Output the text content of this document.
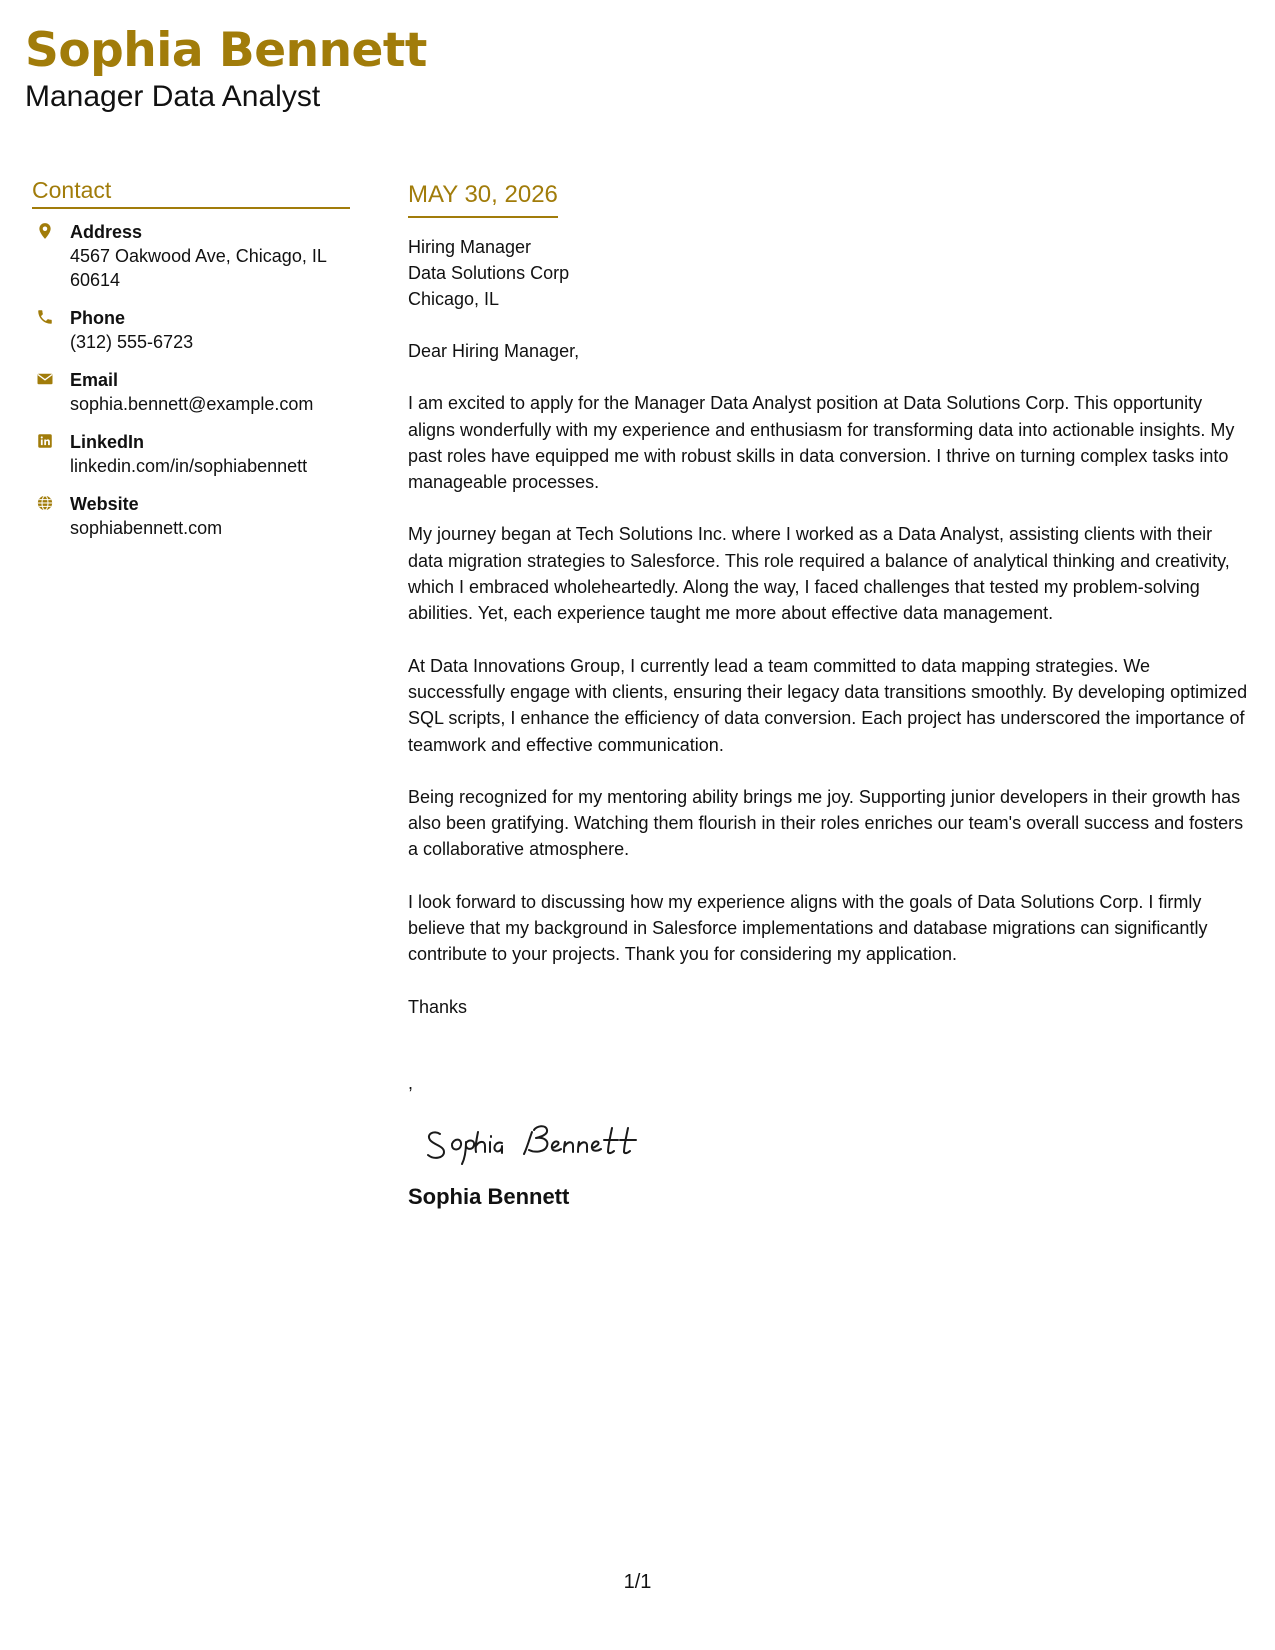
Sophia Bennett
Manager Data Analyst
Contact
Address
4567 Oakwood Ave, Chicago, IL 60614
Phone
(312) 555-6723
Email
sophia.bennett@example.com
LinkedIn
linkedin.com/in/sophiabennett
Website
sophiabennett.com
MAY 30, 2026
Hiring Manager
Data Solutions Corp
Chicago, IL

Dear Hiring Manager,

I am excited to apply for the Manager Data Analyst position at Data Solutions Corp. This opportunity aligns wonderfully with my experience and enthusiasm for transforming data into actionable insights. My past roles have equipped me with robust skills in data conversion. I thrive on turning complex tasks into manageable processes.

My journey began at Tech Solutions Inc. where I worked as a Data Analyst, assisting clients with their data migration strategies to Salesforce. This role required a balance of analytical thinking and creativity, which I embraced wholeheartedly. Along the way, I faced challenges that tested my problem-solving abilities. Yet, each experience taught me more about effective data management.

At Data Innovations Group, I currently lead a team committed to data mapping strategies. We successfully engage with clients, ensuring their legacy data transitions smoothly. By developing optimized SQL scripts, I enhance the efficiency of data conversion. Each project has underscored the importance of teamwork and effective communication.

Being recognized for my mentoring ability brings me joy. Supporting junior developers in their growth has also been gratifying. Watching them flourish in their roles enriches our team's overall success and fosters a collaborative atmosphere.

I look forward to discussing how my experience aligns with the goals of Data Solutions Corp. I firmly believe that my background in Salesforce implementations and database migrations can significantly contribute to your projects. Thank you for considering my application.

Thanks

,
Sophia Bennett
1/1
